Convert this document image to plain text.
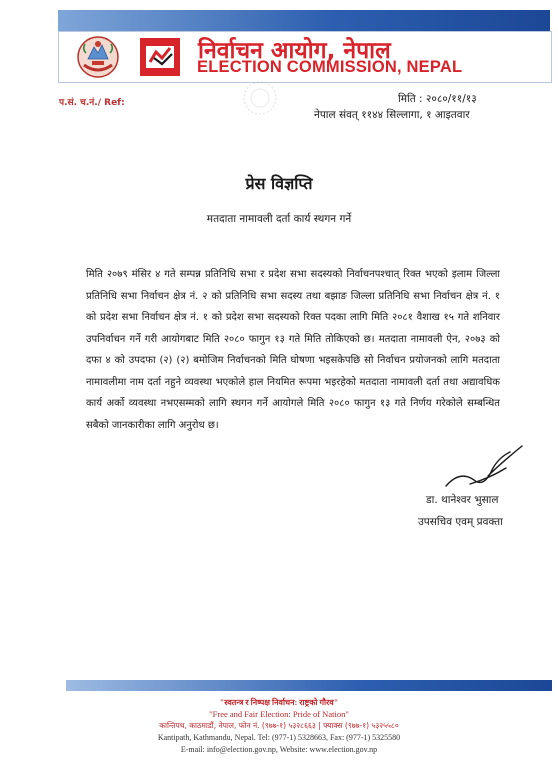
निर्वाचन आयोग, नेपाल
ELECTION COMMISSION, NEPAL
प.सं. च.नं./ Ref:	मिति : २०८०/११/१३
नेपाल संवत् ११४४ सिल्लागा, १ आइतवार
प्रेस विज्ञप्ति
मतदाता नामावली दर्ता कार्य स्थगन गर्ने
मिति २०७९ मंसिर ४ गते सम्पन्न प्रतिनिधि सभा र प्रदेश सभा सदस्यको निर्वाचनपश्चात् रिक्त भएको इलाम जिल्ला प्रतिनिधि सभा निर्वाचन क्षेत्र नं. २ को प्रतिनिधि सभा सदस्य तथा बझाङ जिल्ला प्रतिनिधि सभा निर्वाचन क्षेत्र नं. १ को प्रदेश सभा निर्वाचन क्षेत्र नं. १ को प्रदेश सभा सदस्यको रिक्त पदका लागि मिति २०८१ वैशाख १५ गते शनिवार उपनिर्वाचन गर्ने गरी आयोगबाट मिति २०८० फागुन १३ गते मिति तोकिएको छ। मतदाता नामावली ऐन, २०७३ को दफा ४ को उपदफा (२) (२) बमोजिम निर्वाचनको मिति घोषणा भइसकेपछि सो निर्वाचन प्रयोजनको लागि मतदाता नामावलीमा नाम दर्ता नहुने व्यवस्था भएकोले हाल नियमित रूपमा भइरहेको मतदाता नामावली दर्ता तथा अद्यावधिक कार्य अर्को व्यवस्था नभएसम्मको लागि स्थगन गर्ने आयोगले मिति २०८० फागुन १३ गते निर्णय गरेकोले सम्बन्धित सबैको जानकारीका लागि अनुरोध छ।
डा. थानेश्वर भुसाल
उपसचिव एवम् प्रवक्ता
"स्वतन्त्र र निष्पक्ष निर्वाचन: राष्ट्रको गौरव"
"Free and Fair Election: Pride of Nation"
कान्तिपथ, काठमाडौं, नेपाल, फोन नं. (९७७-१) ५३२८६६३ | फ्याक्स (९७७-१) ५३२५५८०
Kantipath, Kathmandu, Nepal. Tel: (977-1) 5328663, Fax: (977-1) 5325580
E-mail: info@election.gov.np, Website: www.election.gov.np
